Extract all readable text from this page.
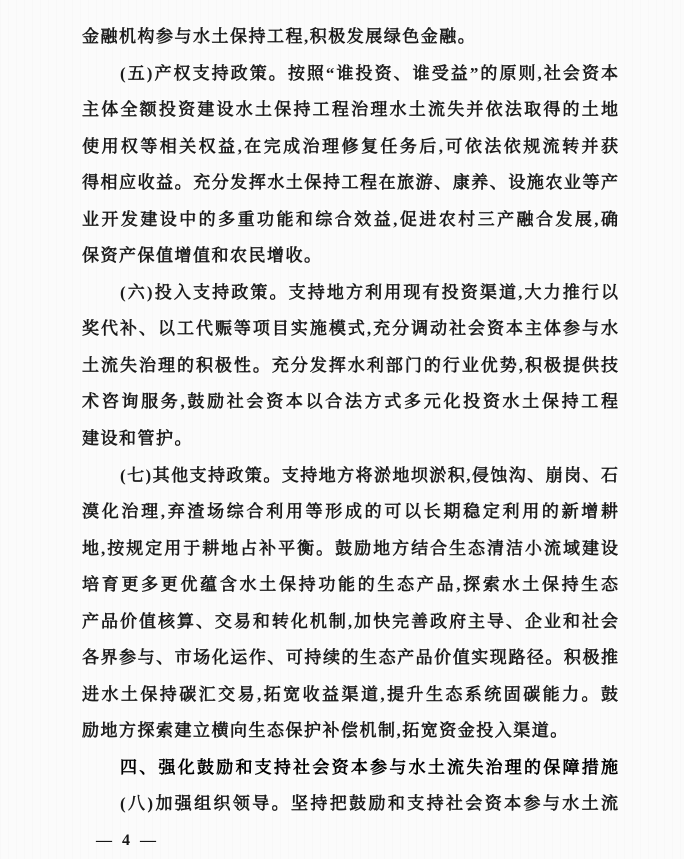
金融机构参与水土保持工程,积极发展绿色金融。

(五)产权支持政策。按照“谁投资、谁受益”的原则,社会资本

主体全额投资建设水土保持工程治理水土流失并依法取得的土地

使用权等相关权益,在完成治理修复任务后,可依法依规流转并获

得相应收益。充分发挥水土保持工程在旅游、康养、设施农业等产

业开发建设中的多重功能和综合效益,促进农村三产融合发展,确

保资产保值增值和农民增收。

(六)投入支持政策。支持地方利用现有投资渠道,大力推行以

奖代补、以工代赈等项目实施模式,充分调动社会资本主体参与水

土流失治理的积极性。充分发挥水利部门的行业优势,积极提供技

术咨询服务,鼓励社会资本以合法方式多元化投资水土保持工程

建设和管护。

(七)其他支持政策。支持地方将淤地坝淤积,侵蚀沟、崩岗、石

漠化治理,弃渣场综合利用等形成的可以长期稳定利用的新增耕

地,按规定用于耕地占补平衡。鼓励地方结合生态清洁小流域建设

培育更多更优蕴含水土保持功能的生态产品,探索水土保持生态

产品价值核算、交易和转化机制,加快完善政府主导、企业和社会

各界参与、市场化运作、可持续的生态产品价值实现路径。积极推

进水土保持碳汇交易,拓宽收益渠道,提升生态系统固碳能力。鼓

励地方探索建立横向生态保护补偿机制,拓宽资金投入渠道。

四、强化鼓励和支持社会资本参与水土流失治理的保障措施

(八)加强组织领导。坚持把鼓励和支持社会资本参与水土流

— 4 —
